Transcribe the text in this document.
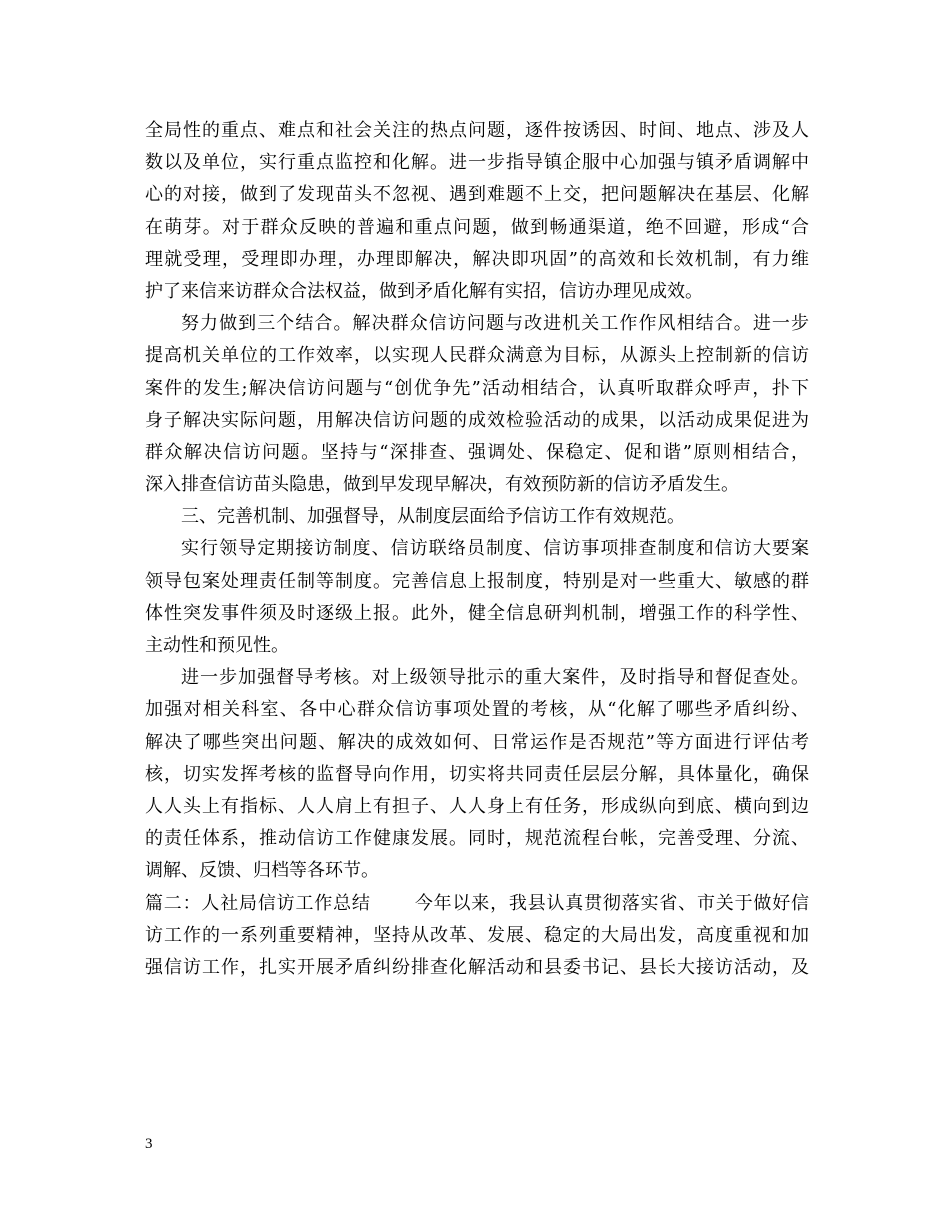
全局性的重点、难点和社会关注的热点问题，逐件按诱因、时间、地点、涉及人
数以及单位，实行重点监控和化解。进一步指导镇企服中心加强与镇矛盾调解中
心的对接，做到了发现苗头不忽视、遇到难题不上交，把问题解决在基层、化解
在萌芽。对于群众反映的普遍和重点问题，做到畅通渠道，绝不回避，形成“合
理就受理，受理即办理，办理即解决，解决即巩固”的高效和长效机制，有力维
护了来信来访群众合法权益，做到矛盾化解有实招，信访办理见成效。
努力做到三个结合。解决群众信访问题与改进机关工作作风相结合。进一步
提高机关单位的工作效率，以实现人民群众满意为目标，从源头上控制新的信访
案件的发生;解决信访问题与“创优争先”活动相结合，认真听取群众呼声，扑下
身子解决实际问题，用解决信访问题的成效检验活动的成果，以活动成果促进为
群众解决信访问题。坚持与“深排查、强调处、保稳定、促和谐”原则相结合，
深入排查信访苗头隐患，做到早发现早解决，有效预防新的信访矛盾发生。
三、完善机制、加强督导，从制度层面给予信访工作有效规范。
实行领导定期接访制度、信访联络员制度、信访事项排查制度和信访大要案
领导包案处理责任制等制度。完善信息上报制度，特别是对一些重大、敏感的群
体性突发事件须及时逐级上报。此外，健全信息研判机制，增强工作的科学性、
主动性和预见性。
进一步加强督导考核。对上级领导批示的重大案件，及时指导和督促查处。
加强对相关科室、各中心群众信访事项处置的考核，从“化解了哪些矛盾纠纷、
解决了哪些突出问题、解决的成效如何、日常运作是否规范”等方面进行评估考
核，切实发挥考核的监督导向作用，切实将共同责任层层分解，具体量化，确保
人人头上有指标、人人肩上有担子、人人身上有任务，形成纵向到底、横向到边
的责任体系，推动信访工作健康发展。同时，规范流程台帐，完善受理、分流、
调解、反馈、归档等各环节。
篇二：人社局信访工作总结 　　今年以来，我县认真贯彻落实省、市关于做好信
访工作的一系列重要精神，坚持从改革、发展、稳定的大局出发，高度重视和加
强信访工作，扎实开展矛盾纠纷排查化解活动和县委书记、县长大接访活动，及
3
